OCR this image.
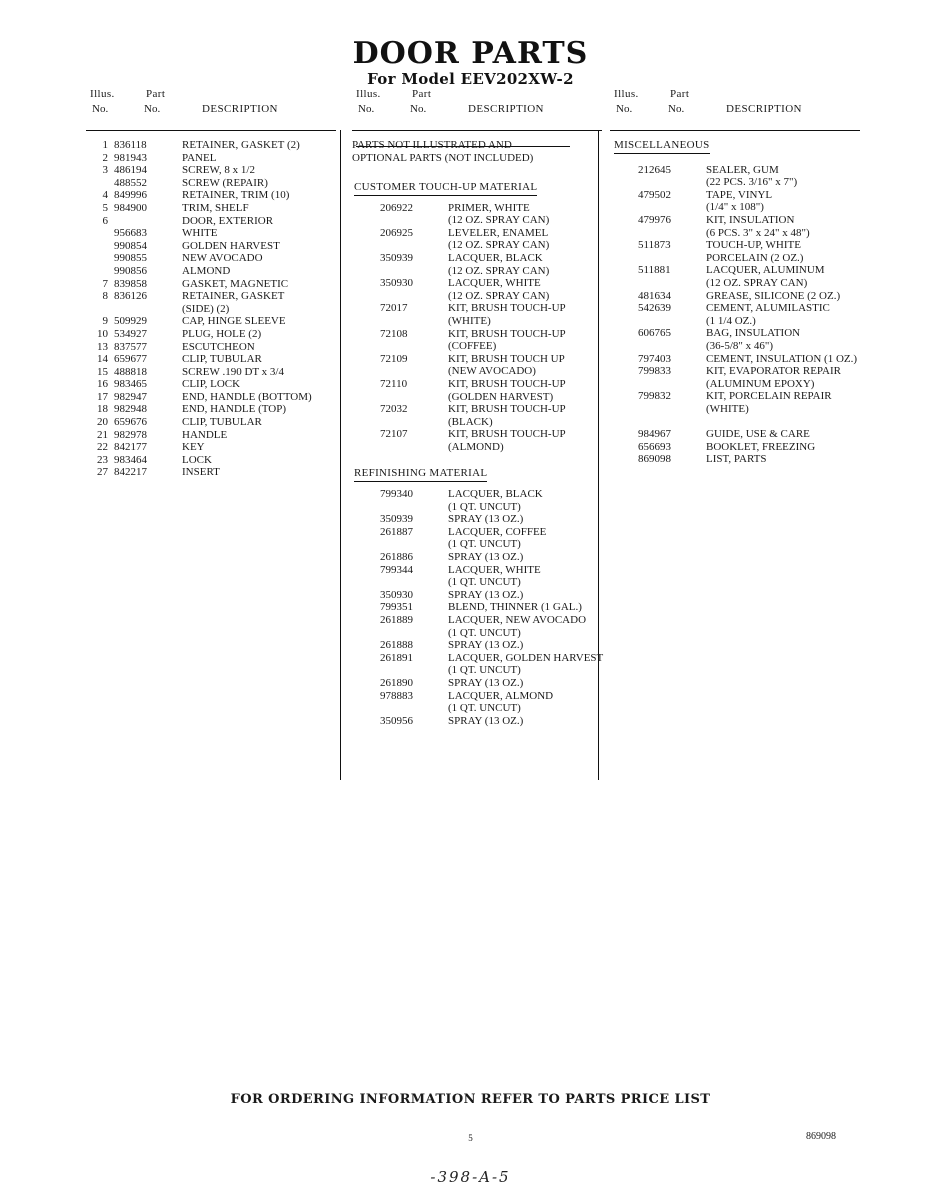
DOOR PARTS
For Model EEV202XW-2
Illus.
No.
Part
No.	DESCRIPTION
1 836118	RETAINER, GASKET (2)
2 981943	PANEL
3 486194	SCREW, 8 x 1/2
488552	SCREW (REPAIR)
4 849996	RETAINER, TRIM (10)
5 984900	TRIM, SHELF
6	DOOR, EXTERIOR
956683	WHITE
990854	GOLDEN HARVEST
990855	NEW AVOCADO
990856	ALMOND
7 839858	GASKET, MAGNETIC
8 836126	RETAINER, GASKET
(SIDE) (2)
9 509929	CAP, HINGE SLEEVE
10 534927	PLUG, HOLE (2)
13 837577	ESCUTCHEON
14 659677	CLIP, TUBULAR
15 488818	SCREW .190 DT x 3/4
16 983465	CLIP, LOCK
17 982947	END, HANDLE (BOTTOM)
18 982948	END, HANDLE (TOP)
20 659676	CLIP, TUBULAR
21 982978	HANDLE
22 842177	KEY
23 983464	LOCK
27 842217	INSERT
Illus.
No.
Part
No.	DESCRIPTION
PARTS NOT ILLUSTRATED AND
OPTIONAL PARTS (NOT INCLUDED)
CUSTOMER TOUCH-UP MATERIAL
206922	PRIMER, WHITE
(12 OZ. SPRAY CAN)
206925	LEVELER, ENAMEL
(12 OZ. SPRAY CAN)
350939	LACQUER, BLACK
(12 OZ. SPRAY CAN)
350930	LACQUER, WHITE
(12 OZ. SPRAY CAN)
72017	KIT, BRUSH TOUCH-UP
(WHITE)
72108	KIT, BRUSH TOUCH-UP
(COFFEE)
72109	KIT, BRUSH TOUCH UP
(NEW AVOCADO)
72110	KIT, BRUSH TOUCH-UP
(GOLDEN HARVEST)
72032	KIT, BRUSH TOUCH-UP
(BLACK)
72107	KIT, BRUSH TOUCH-UP
(ALMOND)
REFINISHING MATERIAL
799340	LACQUER, BLACK
(1 QT. UNCUT)
350939	SPRAY (13 OZ.)
261887	LACQUER, COFFEE
(1 QT. UNCUT)
261886	SPRAY (13 OZ.)
799344	LACQUER, WHITE
(1 QT. UNCUT)
350930	SPRAY (13 OZ.)
799351	BLEND, THINNER (1 GAL.)
261889	LACQUER, NEW AVOCADO
(1 QT. UNCUT)
261888	SPRAY (13 OZ.)
261891	LACQUER, GOLDEN HARVEST
(1 QT. UNCUT)
261890	SPRAY (13 OZ.)
978883	LACQUER, ALMOND
(1 QT. UNCUT)
350956	SPRAY (13 OZ.)
Illus.
No.
Part
No.	DESCRIPTION
MISCELLANEOUS
212645	SEALER, GUM
(22 PCS. 3/16" x 7")
479502	TAPE, VINYL
(1/4" x 108")
479976	KIT, INSULATION
(6 PCS. 3" x 24" x 48")
511873	TOUCH-UP, WHITE
PORCELAIN (2 OZ.)
511881	LACQUER, ALUMINUM
(12 OZ. SPRAY CAN)
481634	GREASE, SILICONE (2 OZ.)
542639	CEMENT, ALUMILASTIC
(1 1/4 OZ.)
606765	BAG, INSULATION
(36-5/8" x 46")
797403	CEMENT, INSULATION (1 OZ.)
799833	KIT, EVAPORATOR REPAIR
(ALUMINUM EPOXY)
799832	KIT, PORCELAIN REPAIR
(WHITE)
984967	GUIDE, USE & CARE
656693	BOOKLET, FREEZING
869098	LIST, PARTS
FOR ORDERING INFORMATION REFER TO PARTS PRICE LIST
5	869098
-398-A-5
